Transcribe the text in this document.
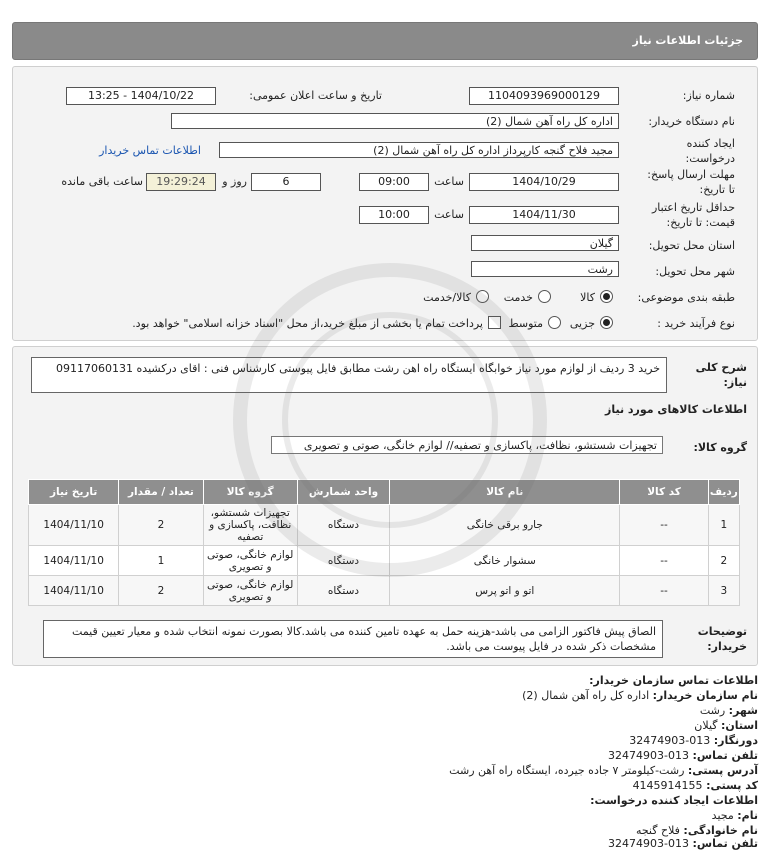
جزئیات اطلاعات نیاز
شماره نیاز:
1104093969000129
تاریخ و ساعت اعلان عمومی:
1404/10/22 - 13:25
نام دستگاه خریدار:
اداره کل راه آهن شمال (2)
ایجاد کننده
درخواست:
مجید فلاح گنجه کارپرداز اداره کل راه آهن شمال (2)
اطلاعات تماس خریدار
مهلت ارسال پاسخ:
تا تاریخ:
1404/10/29
ساعت
09:00
6
روز و
19:29:24
ساعت باقی مانده
حداقل تاریخ اعتبار
قیمت: تا تاریخ:
1404/11/30
ساعت
10:00
استان محل تحویل:
گیلان
شهر محل تحویل:
رشت
طبقه بندی موضوعی:
کالا
خدمت
کالا/خدمت
نوع فرآیند خرید :
جزیی
متوسط
پرداخت تمام یا بخشی از مبلغ خرید،از محل "اسناد خزانه اسلامی" خواهد بود.
شرح کلی
نیاز:
خرید 3 ردیف از لوازم مورد نیاز خوابگاه ایستگاه راه اهن رشت مطابق فایل پیوستی کارشناس فنی : اقای درکشیده 09117060131
اطلاعات کالاهای مورد نیاز
گروه کالا:
تجهیزات شستشو، نظافت، پاکسازی و تصفیه// لوازم خانگی، صوتی و تصویری
ردیف	کد کالا	نام کالا	واحد شمارش	گروه کالا	تعداد / مقدار	تاریخ نیاز
1	--	جارو برقی خانگی	دستگاه	تجهیزات شستشو، نظافت، پاکسازی و تصفیه	2	1404/11/10
2	--	سشوار خانگی	دستگاه	لوازم خانگی، صوتی و تصویری	1	1404/11/10
3	--	اتو و اتو پرس	دستگاه	لوازم خانگی، صوتی و تصویری	2	1404/11/10
توضیحات
خریدار:
الصاق پیش فاکتور الزامی می باشد-هزینه حمل به عهده تامین کننده می باشد.کالا بصورت نمونه انتخاب شده و معیار تعیین قیمت مشخصات ذکر شده در فایل پیوست می باشد.
اطلاعات تماس سازمان خریدار:
نام سازمان خریدار: اداره کل راه آهن شمال (2)
شهر: رشت
استان: گیلان
دورنگار: 013-32474903
تلفن تماس: 013-32474903
آدرس پستی: رشت-کیلومتر ۷ جاده جیرده، ایستگاه راه آهن رشت
کد پستی: 4145914155
اطلاعات ایجاد کننده درخواست:
نام: مجید
نام خانوادگی: فلاح گنجه
تلفن تماس: 013-32474903
